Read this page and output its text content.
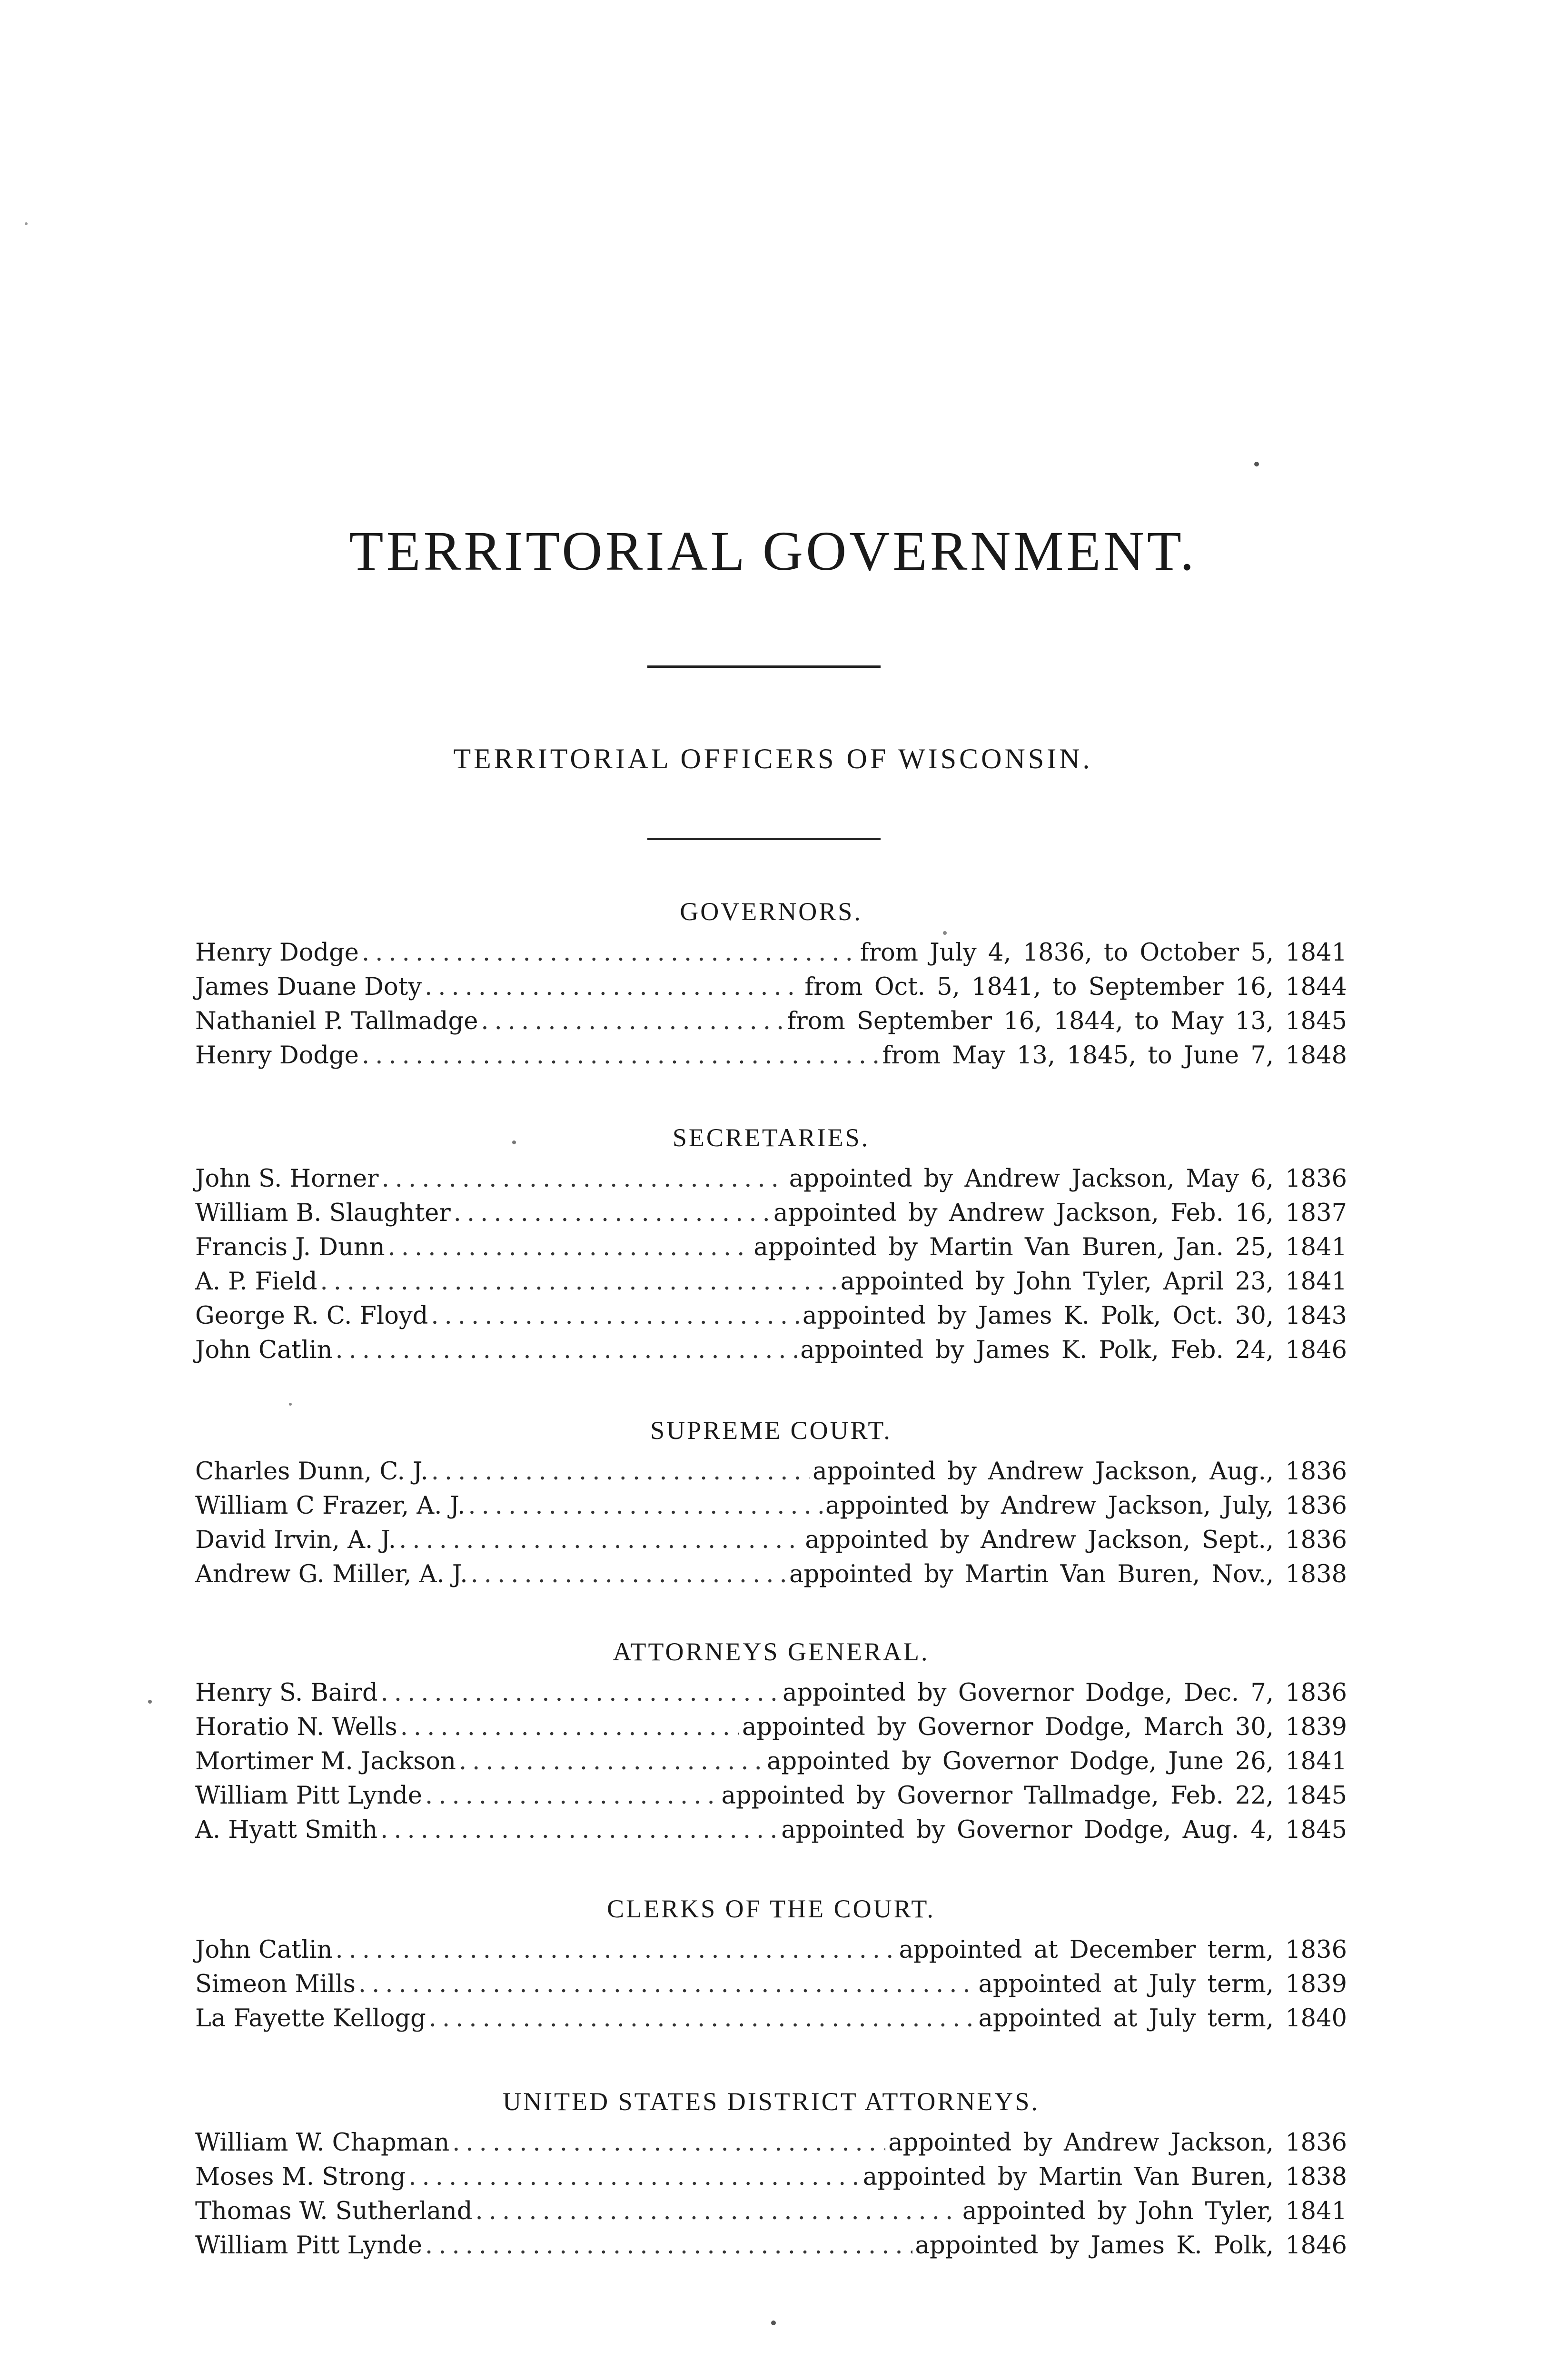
TERRITORIAL GOVERNMENT.
TERRITORIAL OFFICERS OF WISCONSIN.
GOVERNORS.
Henry Dodge .....	from July 4, 1836, to October 5, 1841
James Duane Doty .....	from Oct. 5, 1841, to September 16, 1844
Nathaniel P. Tallmadge .....	from September 16, 1844, to May 13, 1845
Henry Dodge .....	from May 13, 1845, to June 7, 1848
SECRETARIES.
John S. Horner .....	appointed by Andrew Jackson, May 6, 1836
William B. Slaughter .....	appointed by Andrew Jackson, Feb. 16, 1837
Francis J. Dunn .....	appointed by Martin Van Buren, Jan. 25, 1841
A. P. Field .....	appointed by John Tyler, April 23, 1841
George R. C. Floyd .....	appointed by James K. Polk, Oct. 30, 1843
John Catlin .....	appointed by James K. Polk, Feb. 24, 1846
SUPREME COURT.
Charles Dunn, C. J. .....	appointed by Andrew Jackson, Aug., 1836
William C Frazer, A. J. .....	appointed by Andrew Jackson, July, 1836
David Irvin, A. J. .....	appointed by Andrew Jackson, Sept., 1836
Andrew G. Miller, A. J. .....	appointed by Martin Van Buren, Nov., 1838
ATTORNEYS GENERAL.
Henry S. Baird .....	appointed by Governor Dodge, Dec. 7, 1836
Horatio N. Wells .....	appointed by Governor Dodge, March 30, 1839
Mortimer M. Jackson .....	appointed by Governor Dodge, June 26, 1841
William Pitt Lynde .....	appointed by Governor Tallmadge, Feb. 22, 1845
A. Hyatt Smith .....	appointed by Governor Dodge, Aug. 4, 1845
CLERKS OF THE COURT.
John Catlin .....	appointed at December term, 1836
Simeon Mills .....	appointed at July term, 1839
La Fayette Kellogg .....	appointed at July term, 1840
UNITED STATES DISTRICT ATTORNEYS.
William W. Chapman .....	appointed by Andrew Jackson, 1836
Moses M. Strong .....	appointed by Martin Van Buren, 1838
Thomas W. Sutherland .....	appointed by John Tyler, 1841
William Pitt Lynde .....	appointed by James K. Polk, 1846
